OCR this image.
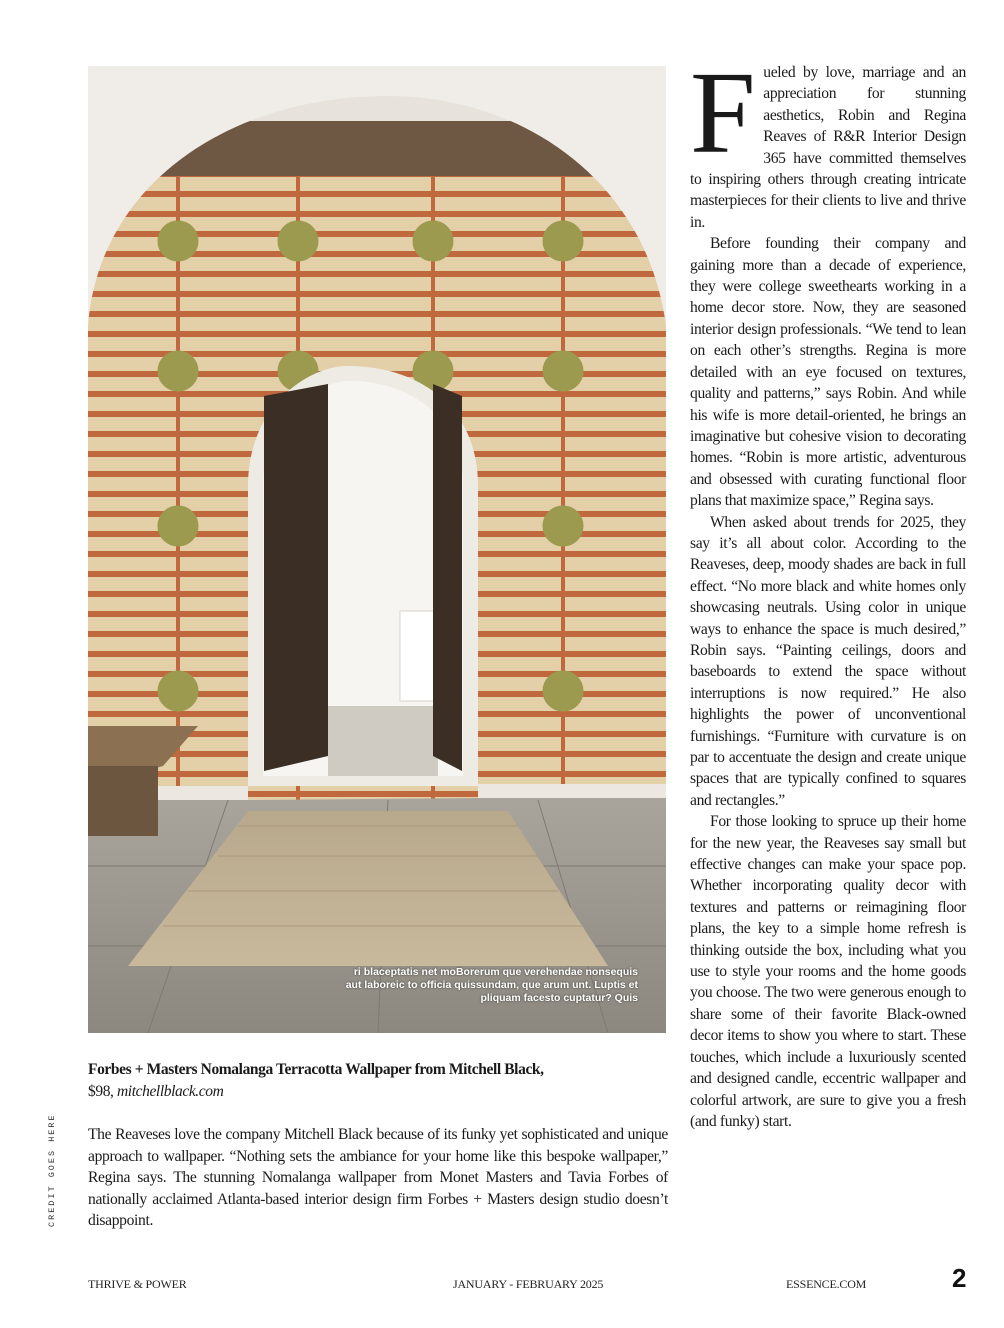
ri blaceptatis net moBorerum que verehendae nonsequis aut laboreic to officia quissundam, que arum unt. Luptis et pliquam facesto cuptatur? Quis
Forbes + Masters Nomalanga Terracotta Wallpaper from Mitchell Black,
$98, mitchellblack.com

The Reaveses love the company Mitchell Black because of its funky yet sophisticated and unique approach to wallpaper. “Nothing sets the ambiance for your home like this bespoke wallpaper,” Regina says. The stunning Nomalanga wallpaper from Monet Masters and Tavia Forbes of nationally acclaimed Atlanta-based interior design firm Forbes + Masters design studio doesn’t disappoint.

Fueled by love, marriage and an appreciation for stunning aesthetics, Robin and Regina Reaves of R&R Interior Design 365 have committed themselves to inspiring others through creating intricate masterpieces for their clients to live and thrive in.

Before founding their company and gaining more than a decade of experience, they were college sweethearts working in a home decor store. Now, they are seasoned interior design professionals. “We tend to lean on each other’s strengths. Regina is more detailed with an eye focused on textures, quality and patterns,” says Robin. And while his wife is more detail-oriented, he brings an imaginative but cohesive vision to decorating homes. “Robin is more artistic, adventurous and obsessed with curating functional floor plans that maximize space,” Regina says.

When asked about trends for 2025, they say it’s all about color. According to the Reaveses, deep, moody shades are back in full effect. “No more black and white homes only showcasing neutrals. Using color in unique ways to enhance the space is much desired,” Robin says. “Painting ceilings, doors and baseboards to extend the space without interruptions is now required.” He also highlights the power of unconventional furnishings. “Furniture with curvature is on par to accentuate the design and create unique spaces that are typically confined to squares and rectangles.”

For those looking to spruce up their home for the new year, the Reaveses say small but effective changes can make your space pop. Whether incorporating quality decor with textures and patterns or reimagining floor plans, the key to a simple home refresh is thinking outside the box, including what you use to style your rooms and the home goods you choose. The two were generous enough to share some of their favorite Black-owned decor items to show you where to start. These touches, which include a luxuriously scented and designed candle, eccentric wallpaper and colorful artwork, are sure to give you a fresh (and funky) start.

CREDIT GOES HERE
THRIVE & POWER	JANUARY - FEBRUARY 2025	ESSENCE.COM	2
